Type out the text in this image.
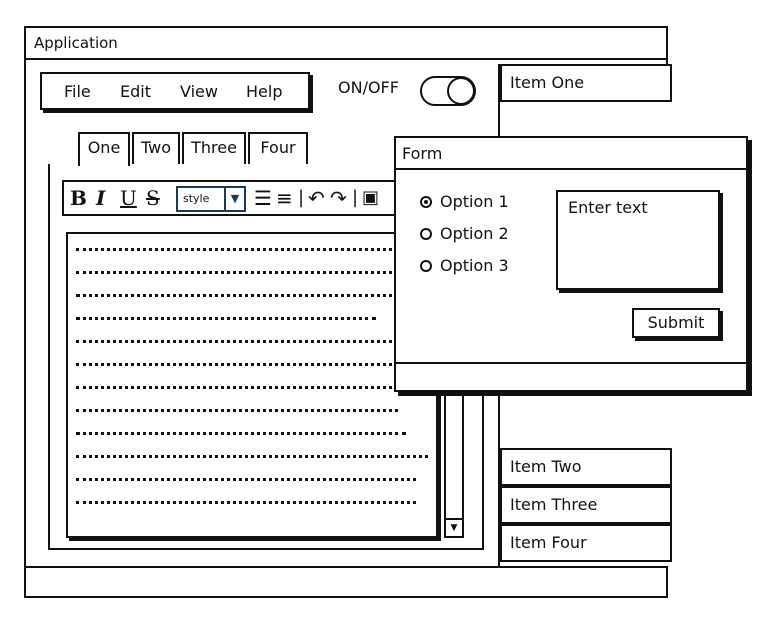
Application
File Edit View Help	ON/OFF
One	Two	Three	Four
B I U S style	▼ ☰ ≡ | ↶ ↷ | ▣
▼
Item One
Item Two
Item Three
Item Four
Form
Option 1
Option 2
Option 3
Enter text
Submit
